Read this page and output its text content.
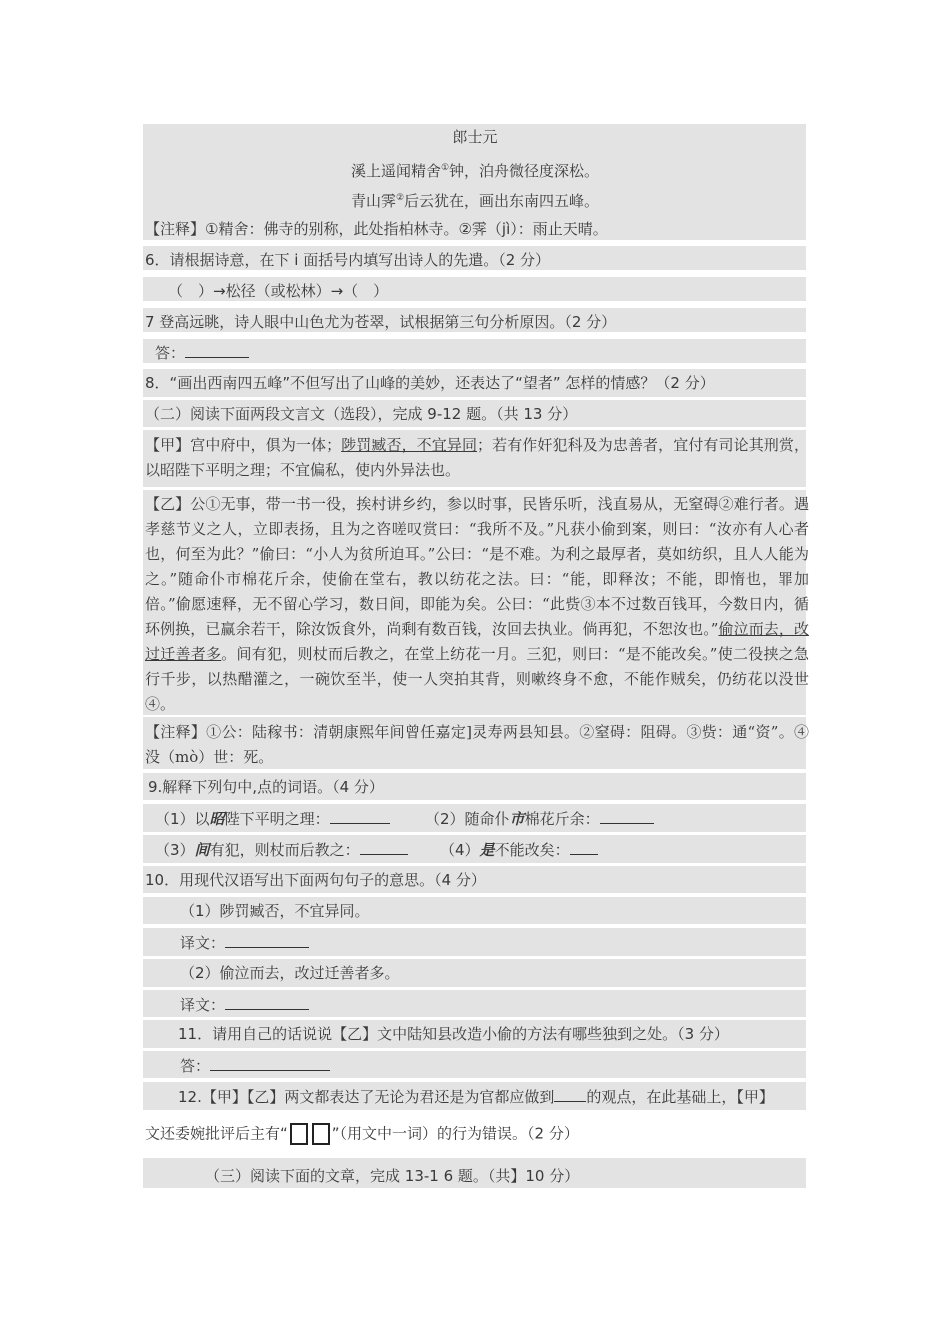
郎士元
溪上遥闻精舍①钟，泊舟微径度深松。
青山霁②后云犹在，画出东南四五峰。
【注释】①精舍：佛寺的别称，此处指柏林寺。②霁（jì）：雨止天晴。
6．请根据诗意，在下 i 面括号内填写出诗人的先遣。（2 分）
（　）→松径（或松林）→（　）
7 登高远眺，诗人眼中山色尤为苍翠，试根据第三句分析原因。（2 分）
答：
8．“画出西南四五峰”不但写出了山峰的美妙，还表达了“望者” 怎样的情感？（2 分）
（二）阅读下面两段文言文（选段），完成 9-12 题。（共 13 分）
【甲】宫中府中，俱为一体；陟罚臧否，不宜异同；若有作奸犯科及为忠善者，宜付有司论其刑赏，以昭陛下平明之理；不宜偏私，使内外异法也。
【乙】公①无事，带一书一役，挨村讲乡约，参以时事，民皆乐听，浅直易从，无窒碍②难行者。遇孝慈节义之人，立即表扬，且为之咨嗟叹赏曰：“我所不及。”凡获小偷到案，则曰：“汝亦有人心者也，何至为此？”偷曰：“小人为贫所迫耳。”公曰：“是不难。为利之最厚者，莫如纺织，且人人能为之。”随命仆市棉花斤余，使偷在堂右，教以纺花之法。曰：“能，即释汝；不能，即惰也，罪加倍。”偷愿速释，无不留心学习，数日间，即能为矣。公曰：“此赀③本不过数百钱耳，今数日内，循环例换，已赢余若干，除汝饭食外，尚剩有数百钱，汝回去执业。倘再犯，不恕汝也。”偷泣而去，改过迁善者多。间有犯，则杖而后教之，在堂上纺花一月。三犯，则曰：“是不能改矣。”使二役挟之急行千步，以热醋灌之，一碗饮至半，使一人突拍其背，则嗽终身不愈，不能作贼矣，仍纺花以没世④。
【注释】①公：陆稼书：清朝康熙年间曾任嘉定]灵寿两县知县。②窒碍：阻碍。③赀：通“资”。④没（mò）世：死。
9.解释下列句中,点的词语。（4 分）
（1）以昭陛下平明之理：	（2）随命仆市棉花斤余：
（3）间有犯，则杖而后教之：	（4）是不能改矣：
10．用现代汉语写出下面两句句子的意思。（4 分）
（1）陟罚臧否，不宜异同。
译文：
（2）偷泣而去，改过迁善者多。
译文：
11．请用自己的话说说【乙】文中陆知县改造小偷的方法有哪些独到之处。（3 分）
答：
12.【甲】【乙】两文都表达了无论为君还是为官都应做到 的观点，在此基础上，【甲】
文还委婉批评后主有“	”（用文中一词）的行为错误。（2 分）
（三）阅读下面的文章，完成 13-1 6 题。（共】10 分）
